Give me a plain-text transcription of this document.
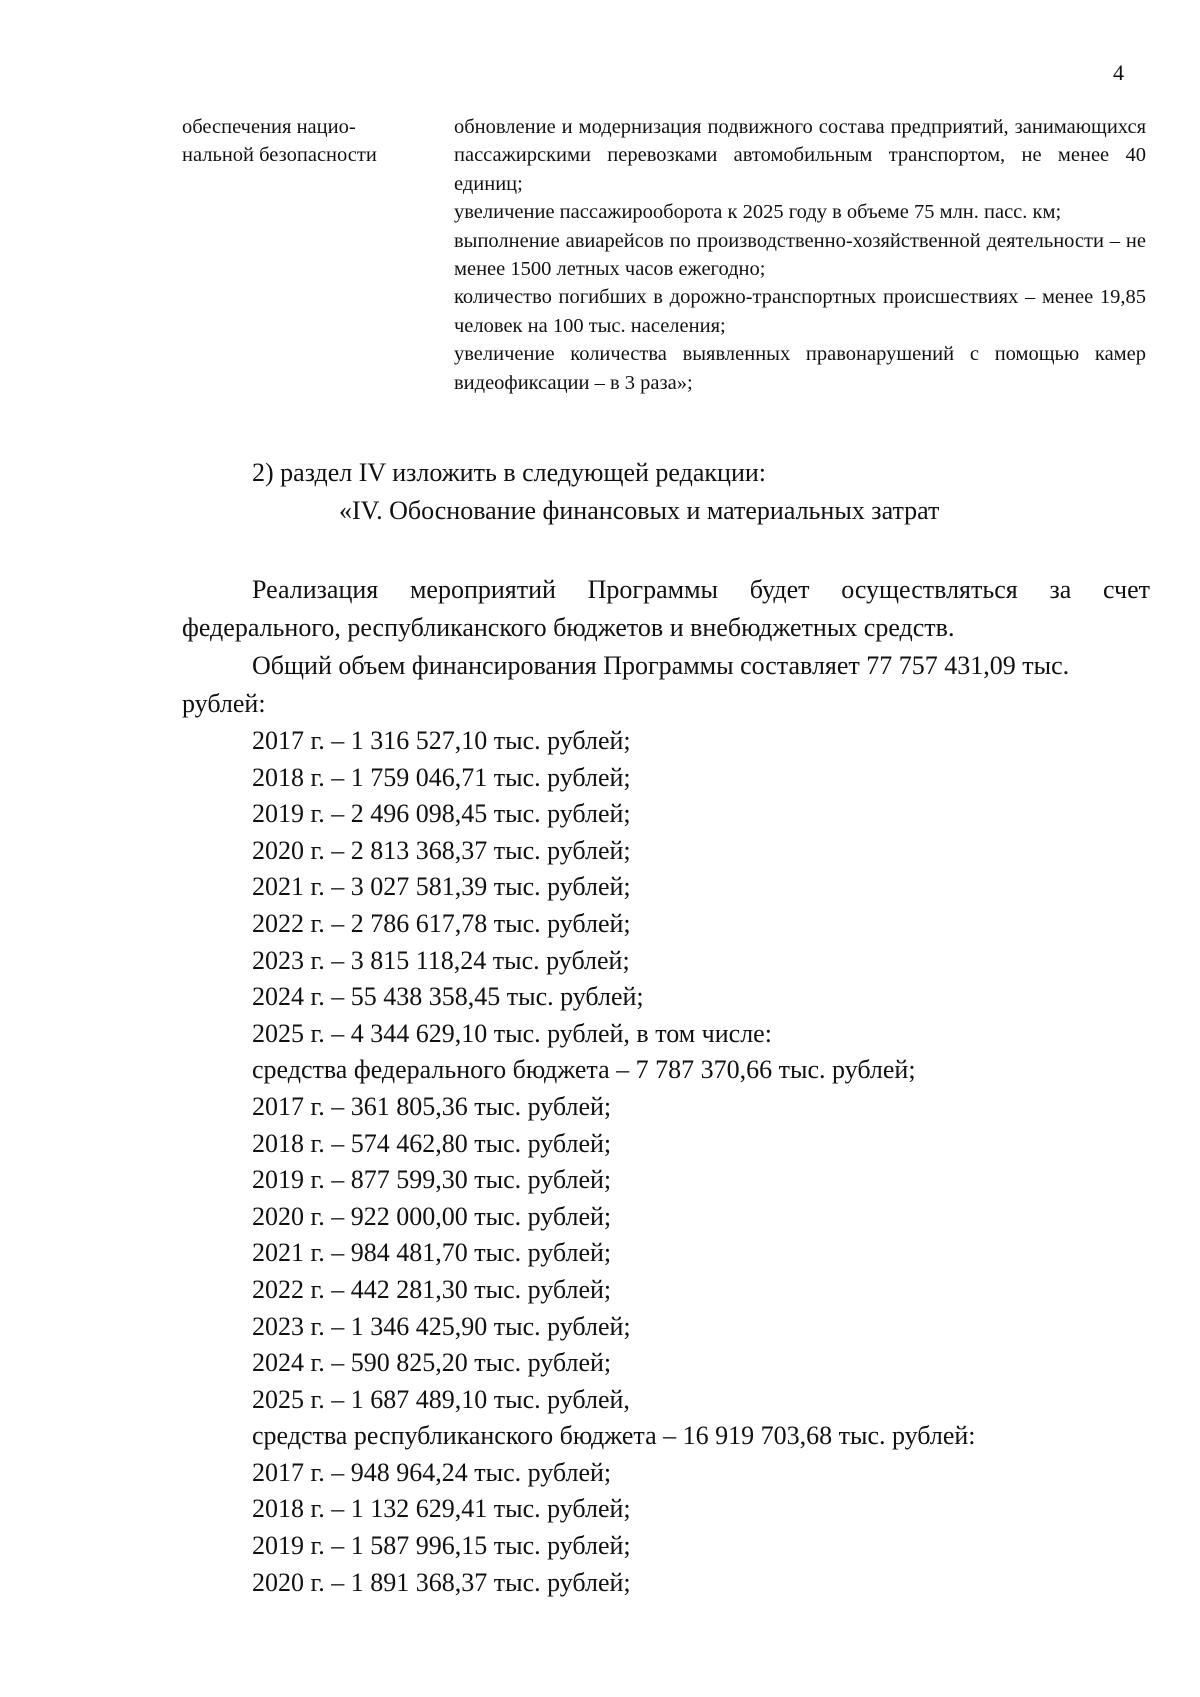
4
обеспечения нацио-
нальной безопасности
обновление и модернизация подвижного состава предприятий, занимающихся пассажирскими перевозками автомобильным транспортом, не менее 40 единиц;
увеличение пассажирооборота к 2025 году в объеме 75 млн. пасс. км;
выполнение авиарейсов по производственно-хозяйственной деятельности – не менее 1500 летных часов ежегодно;
количество погибших в дорожно-транспортных происшествиях – менее 19,85 человек на 100 тыс. населения;
увеличение количества выявленных правонарушений с помощью камер видеофиксации – в 3 раза»;
2) раздел IV изложить в следующей редакции:
«IV. Обоснование финансовых и материальных затрат
Реализация мероприятий Программы будет осуществляться за счет федерального, республиканского бюджетов и внебюджетных средств.
Общий объем финансирования Программы составляет 77 757 431,09 тыс.
рублей:
2017 г. – 1 316 527,10 тыс. рублей;
2018 г. – 1 759 046,71 тыс. рублей;
2019 г. – 2 496 098,45 тыс. рублей;
2020 г. – 2 813 368,37 тыс. рублей;
2021 г. – 3 027 581,39 тыс. рублей;
2022 г. – 2 786 617,78 тыс. рублей;
2023 г. – 3 815 118,24 тыс. рублей;
2024 г. – 55 438 358,45 тыс. рублей;
2025 г. – 4 344 629,10 тыс. рублей, в том числе:
средства федерального бюджета – 7 787 370,66 тыс. рублей;
2017 г. – 361 805,36 тыс. рублей;
2018 г. – 574 462,80 тыс. рублей;
2019 г. – 877 599,30 тыс. рублей;
2020 г. – 922 000,00 тыс. рублей;
2021 г. – 984 481,70 тыс. рублей;
2022 г. – 442 281,30 тыс. рублей;
2023 г. – 1 346 425,90 тыс. рублей;
2024 г. – 590 825,20 тыс. рублей;
2025 г. – 1 687 489,10 тыс. рублей,
средства республиканского бюджета – 16 919 703,68 тыс. рублей:
2017 г. – 948 964,24 тыс. рублей;
2018 г. – 1 132 629,41 тыс. рублей;
2019 г. – 1 587 996,15 тыс. рублей;
2020 г. – 1 891 368,37 тыс. рублей;
